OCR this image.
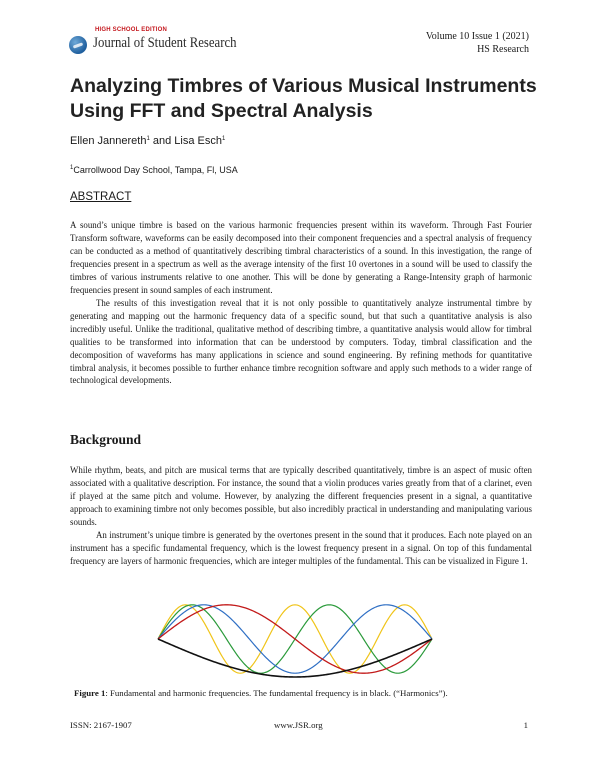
HIGH SCHOOL EDITION
Journal of Student Research	Volume 10 Issue 1 (2021)
HS Research
Analyzing Timbres of Various Musical Instruments
Using FFT and Spectral Analysis
Ellen Jannereth$^1$ and Lisa Esch$^1$
$^1$Carrollwood Day School, Tampa, Fl, USA
ABSTRACT

A sound’s unique timbre is based on the various harmonic frequencies present within its waveform. Through Fast Fourier Transform software, waveforms can be easily decomposed into their component frequencies and a spectral analysis of frequency can be conducted as a method of quantitatively describing timbral characteristics of a sound. In this investigation, the range of frequencies present in a spectrum as well as the average intensity of the first 10 overtones in a sound will be used to classify the timbres of various instruments relative to one another. This will be done by generating a Range-Intensity graph of harmonic frequencies present in sound samples of each instrument.

The results of this investigation reveal that it is not only possible to quantitatively analyze instrumental timbre by generating and mapping out the harmonic frequency data of a specific sound, but that such a quantitative analysis is also incredibly useful. Unlike the traditional, qualitative method of describing timbre, a quantitative analysis would allow for timbral qualities to be transformed into information that can be understood by computers. Today, timbral classification and the decomposition of waveforms has many applications in science and sound engineering. By refining methods for quantitative timbral analysis, it becomes possible to further enhance timbre recognition software and apply such methods to a wider range of technological developments.

Background

While rhythm, beats, and pitch are musical terms that are typically described quantitatively, timbre is an aspect of music often associated with a qualitative description. For instance, the sound that a violin produces varies greatly from that of a clarinet, even if played at the same pitch and volume. However, by analyzing the different frequencies present in a signal, a quantitative approach to examining timbre not only becomes possible, but also incredibly practical in understanding and manipulating various sounds.

An instrument’s unique timbre is generated by the overtones present in the sound that it produces. Each note played on an instrument has a specific fundamental frequency, which is the lowest frequency present in a signal. On top of this fundamental frequency are layers of harmonic frequencies, which are integer multiples of the fundamental. This can be visualized in Figure 1.

Figure 1: Fundamental and harmonic frequencies. The fundamental frequency is in black. (“Harmonics”).
ISSN: 2167-1907	www.JSR.org	1
